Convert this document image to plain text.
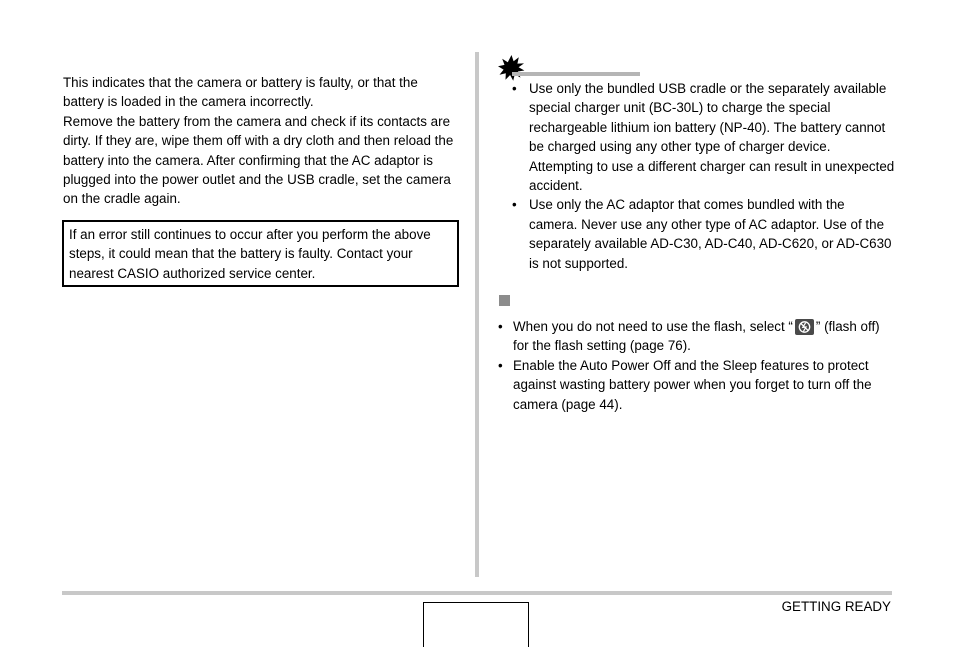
This indicates that the camera or battery is faulty, or that the battery is loaded in the camera incorrectly.

Remove the battery from the camera and check if its contacts are dirty. If they are, wipe them off with a dry cloth and then reload the battery into the camera. After confirming that the AC adaptor is plugged into the power outlet and the USB cradle, set the camera on the cradle again.

If an error still continues to occur after you perform the above steps, it could mean that the battery is faulty. Contact your nearest CASIO authorized service center.
• Use only the bundled USB cradle or the separately available special charger unit (BC-30L) to charge the special rechargeable lithium ion battery (NP-40). The battery cannot be charged using any other type of charger device. Attempting to use a different charger can result in unexpected accident.
• Use only the AC adaptor that comes bundled with the camera. Never use any other type of AC adaptor. Use of the separately available AD-C30, AD-C40, AD-C620, or AD-C630 is not supported.
• When you do not need to use the flash, select “ ” (flash off) for the flash setting (page 76).
• Enable the Auto Power Off and the Sleep features to protect against wasting battery power when you forget to turn off the camera (page 44).
GETTING READY
